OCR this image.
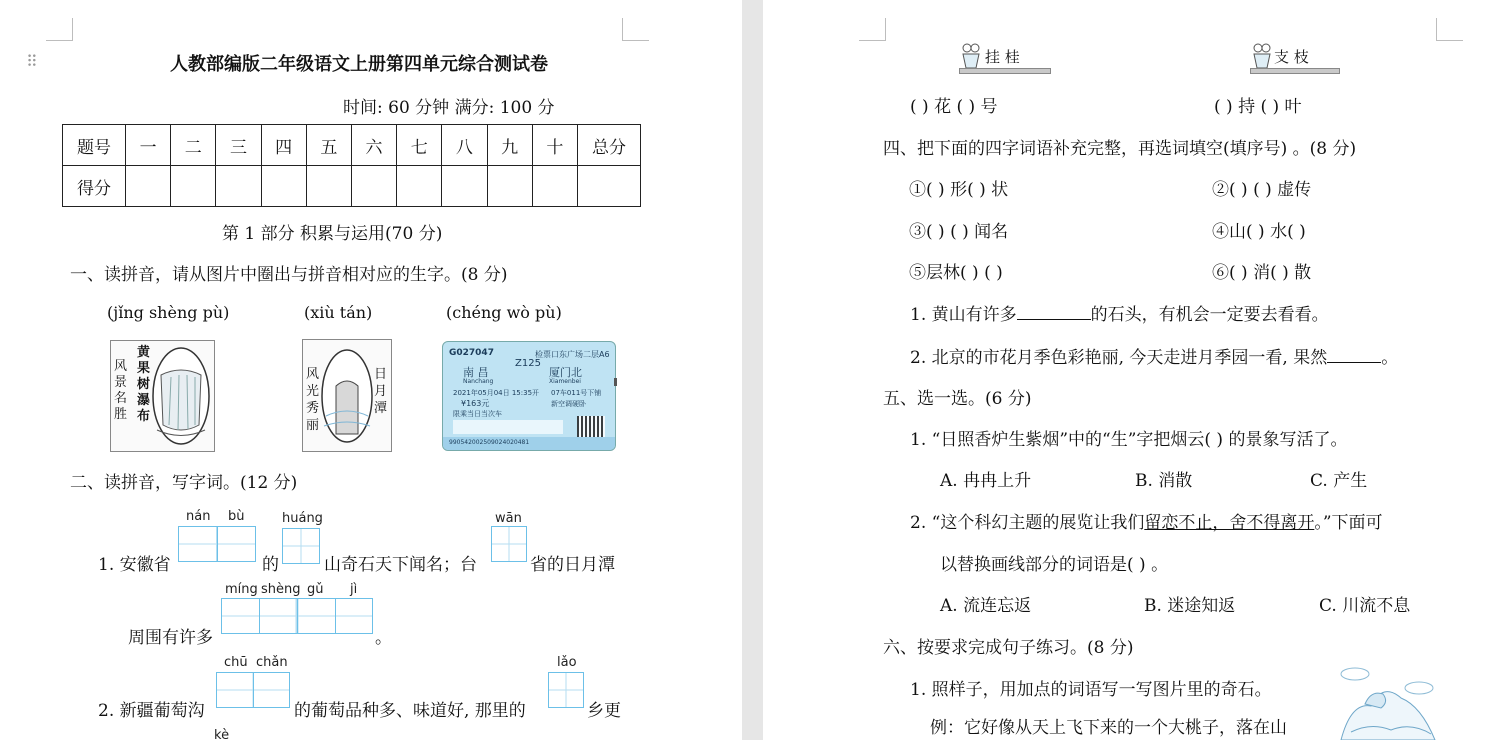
⠿	人教部编版二年级语文上册第四单元综合测试卷
时间: 60 分钟 满分: 100 分
题号	一	二	三	四	五	六	七	八	九	十	总分
得分											
第 1 部分 积累与运用(70 分)
一、读拼音，请从图片中圈出与拼音相对应的生字。(8 分)
(jǐng shèng pù)	(xiù tán)	(chéng wò pù)
风景名胜
黄果树瀑布
风光秀丽
日月潭
G027047	检票口东广场二层A6
南 昌
Z125
厦门北
Nanchang	Xiamenbei
2021年05月04日 15:35开 07车011号下铺
¥163元	新空调硬卧
限乘当日当次车
990542002509024020481
二、读拼音，写字词。(12 分)
nán bù	huáng	wān
1. 安徽省	的	山奇石天下闻名；台	省的日月潭
míng shèng gǔ jì
周围有许多	。
chū chǎn	lǎo
2. 新疆葡萄沟	的葡萄品种多、味道好, 那里的	乡更
kè
挂 桂	支 枝
( ) 花 ( ) 号	( ) 持 ( ) 叶
四、把下面的四字词语补充完整，再选词填空(填序号) 。(8 分)
①( ) 形( ) 状	②( ) ( ) 虚传
③( ) ( ) 闻名	④山( ) 水( )
⑤层林( ) ( )	⑥( ) 消( ) 散
1. 黄山有许多	的石头，有机会一定要去看看。
2. 北京的市花月季色彩艳丽, 今天走进月季园一看, 果然	。
五、选一选。(6 分)
1. “日照香炉生紫烟”中的“生”字把烟云( ) 的景象写活了。
A. 冉冉上升	B. 消散	C. 产生
2. “这个科幻主题的展览让我们留恋不止，舍不得离开。”下面可
以替换画线部分的词语是( ) 。
A. 流连忘返	B. 迷途知返	C. 川流不息
六、按要求完成句子练习。(8 分)
1. 照样子，用加点的词语写一写图片里的奇石。
例：它好像从天上飞下来的一个大桃子，落在山
